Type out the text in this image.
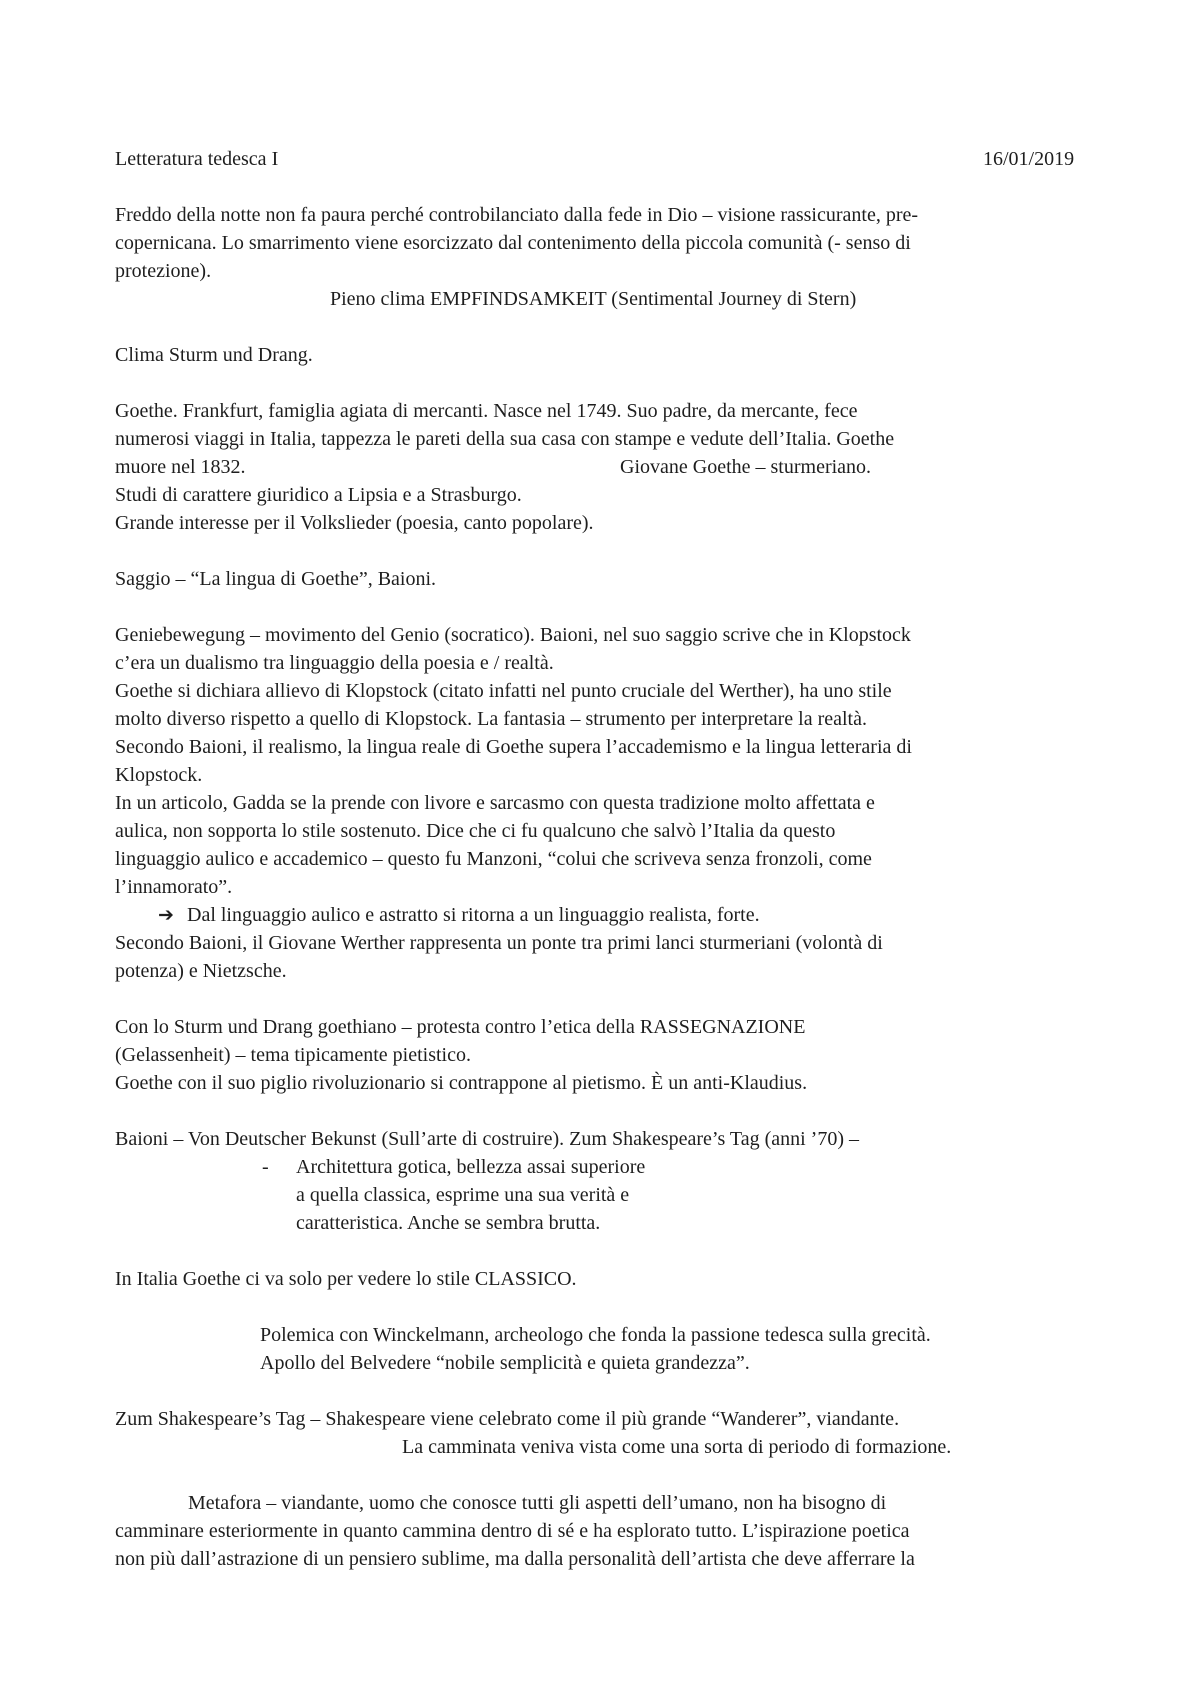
Letteratura tedesca I	16/01/2019
Freddo della notte non fa paura perché controbilanciato dalla fede in Dio – visione rassicurante, pre-
copernicana. Lo smarrimento viene esorcizzato dal contenimento della piccola comunità (- senso di
protezione).
Pieno clima EMPFINDSAMKEIT (Sentimental Journey di Stern)
Clima Sturm und Drang.
Goethe. Frankfurt, famiglia agiata di mercanti. Nasce nel 1749. Suo padre, da mercante, fece
numerosi viaggi in Italia, tappezza le pareti della sua casa con stampe e vedute dell’Italia. Goethe
muore nel 1832.	Giovane Goethe – sturmeriano.
Studi di carattere giuridico a Lipsia e a Strasburgo.
Grande interesse per il Volkslieder (poesia, canto popolare).
Saggio – “La lingua di Goethe”, Baioni.
Geniebewegung – movimento del Genio (socratico). Baioni, nel suo saggio scrive che in Klopstock
c’era un dualismo tra linguaggio della poesia e / realtà.
Goethe si dichiara allievo di Klopstock (citato infatti nel punto cruciale del Werther), ha uno stile
molto diverso rispetto a quello di Klopstock. La fantasia – strumento per interpretare la realtà.
Secondo Baioni, il realismo, la lingua reale di Goethe supera l’accademismo e la lingua letteraria di
Klopstock.
In un articolo, Gadda se la prende con livore e sarcasmo con questa tradizione molto affettata e
aulica, non sopporta lo stile sostenuto. Dice che ci fu qualcuno che salvò l’Italia da questo
linguaggio aulico e accademico – questo fu Manzoni, “colui che scriveva senza fronzoli, come
l’innamorato”.
➔ Dal linguaggio aulico e astratto si ritorna a un linguaggio realista, forte.
Secondo Baioni, il Giovane Werther rappresenta un ponte tra primi lanci sturmeriani (volontà di
potenza) e Nietzsche.
Con lo Sturm und Drang goethiano – protesta contro l’etica della RASSEGNAZIONE
(Gelassenheit) – tema tipicamente pietistico.
Goethe con il suo piglio rivoluzionario si contrappone al pietismo. È un anti-Klaudius.
Baioni – Von Deutscher Bekunst (Sull’arte di costruire). Zum Shakespeare’s Tag (anni ’70) –
- Architettura gotica, bellezza assai superiore
a quella classica, esprime una sua verità e
caratteristica. Anche se sembra brutta.
In Italia Goethe ci va solo per vedere lo stile CLASSICO.
Polemica con Winckelmann, archeologo che fonda la passione tedesca sulla grecità.
Apollo del Belvedere “nobile semplicità e quieta grandezza”.
Zum Shakespeare’s Tag – Shakespeare viene celebrato come il più grande “Wanderer”, viandante.
La camminata veniva vista come una sorta di periodo di formazione.
Metafora – viandante, uomo che conosce tutti gli aspetti dell’umano, non ha bisogno di
camminare esteriormente in quanto cammina dentro di sé e ha esplorato tutto. L’ispirazione poetica
non più dall’astrazione di un pensiero sublime, ma dalla personalità dell’artista che deve afferrare la
